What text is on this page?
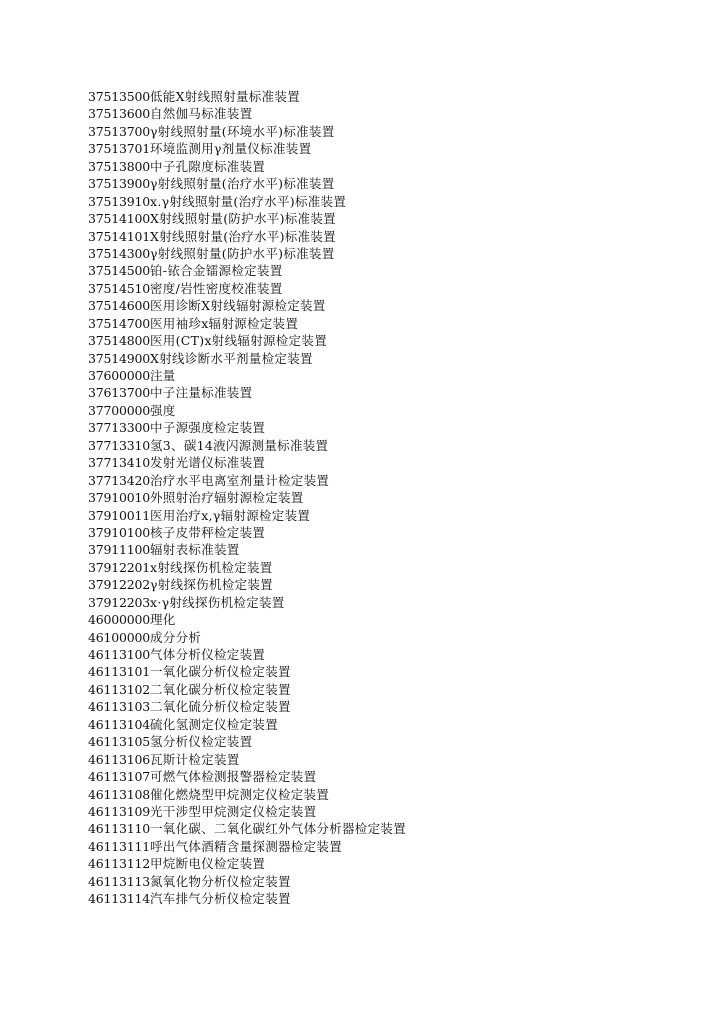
37513500低能X射线照射量标准装置
37513600自然伽马标准装置
37513700γ射线照射量(环境水平)标准装置
37513701环境监测用γ剂量仪标准装置
37513800中子孔隙度标准装置
37513900γ射线照射量(治疗水平)标准装置
37513910x.γ射线照射量(治疗水平)标准装置
37514100X射线照射量(防护水平)标准装置
37514101X射线照射量(治疗水平)标准装置
37514300γ射线照射量(防护水平)标准装置
37514500铂-铱合金镭源检定装置
37514510密度/岩性密度校准装置
37514600医用诊断X射线辐射源检定装置
37514700医用袖珍x辐射源检定装置
37514800医用(CT)x射线辐射源检定装置
37514900X射线诊断水平剂量检定装置
37600000注量
37613700中子注量标准装置
37700000强度
37713300中子源强度检定装置
37713310氢3、碳14液闪源测量标准装置
37713410发射光谱仪标准装置
37713420治疗水平电离室剂量计检定装置
37910010外照射治疗辐射源检定装置
37910011医用治疗x,γ辐射源检定装置
37910100核子皮带秤检定装置
37911100辐射表标准装置
37912201x射线探伤机检定装置
37912202γ射线探伤机检定装置
37912203x·γ射线探伤机检定装置
46000000理化
46100000成分分析
46113100气体分析仪检定装置
46113101一氧化碳分析仪检定装置
46113102二氧化碳分析仪检定装置
46113103二氧化硫分析仪检定装置
46113104硫化氢测定仪检定装置
46113105氢分析仪检定装置
46113106瓦斯计检定装置
46113107可燃气体检测报警器检定装置
46113108催化燃烧型甲烷测定仪检定装置
46113109光干涉型甲烷测定仪检定装置
46113110一氧化碳、二氧化碳红外气体分析器检定装置
46113111呼出气体酒精含量探测器检定装置
46113112甲烷断电仪检定装置
46113113氮氧化物分析仪检定装置
46113114汽车排气分析仪检定装置
